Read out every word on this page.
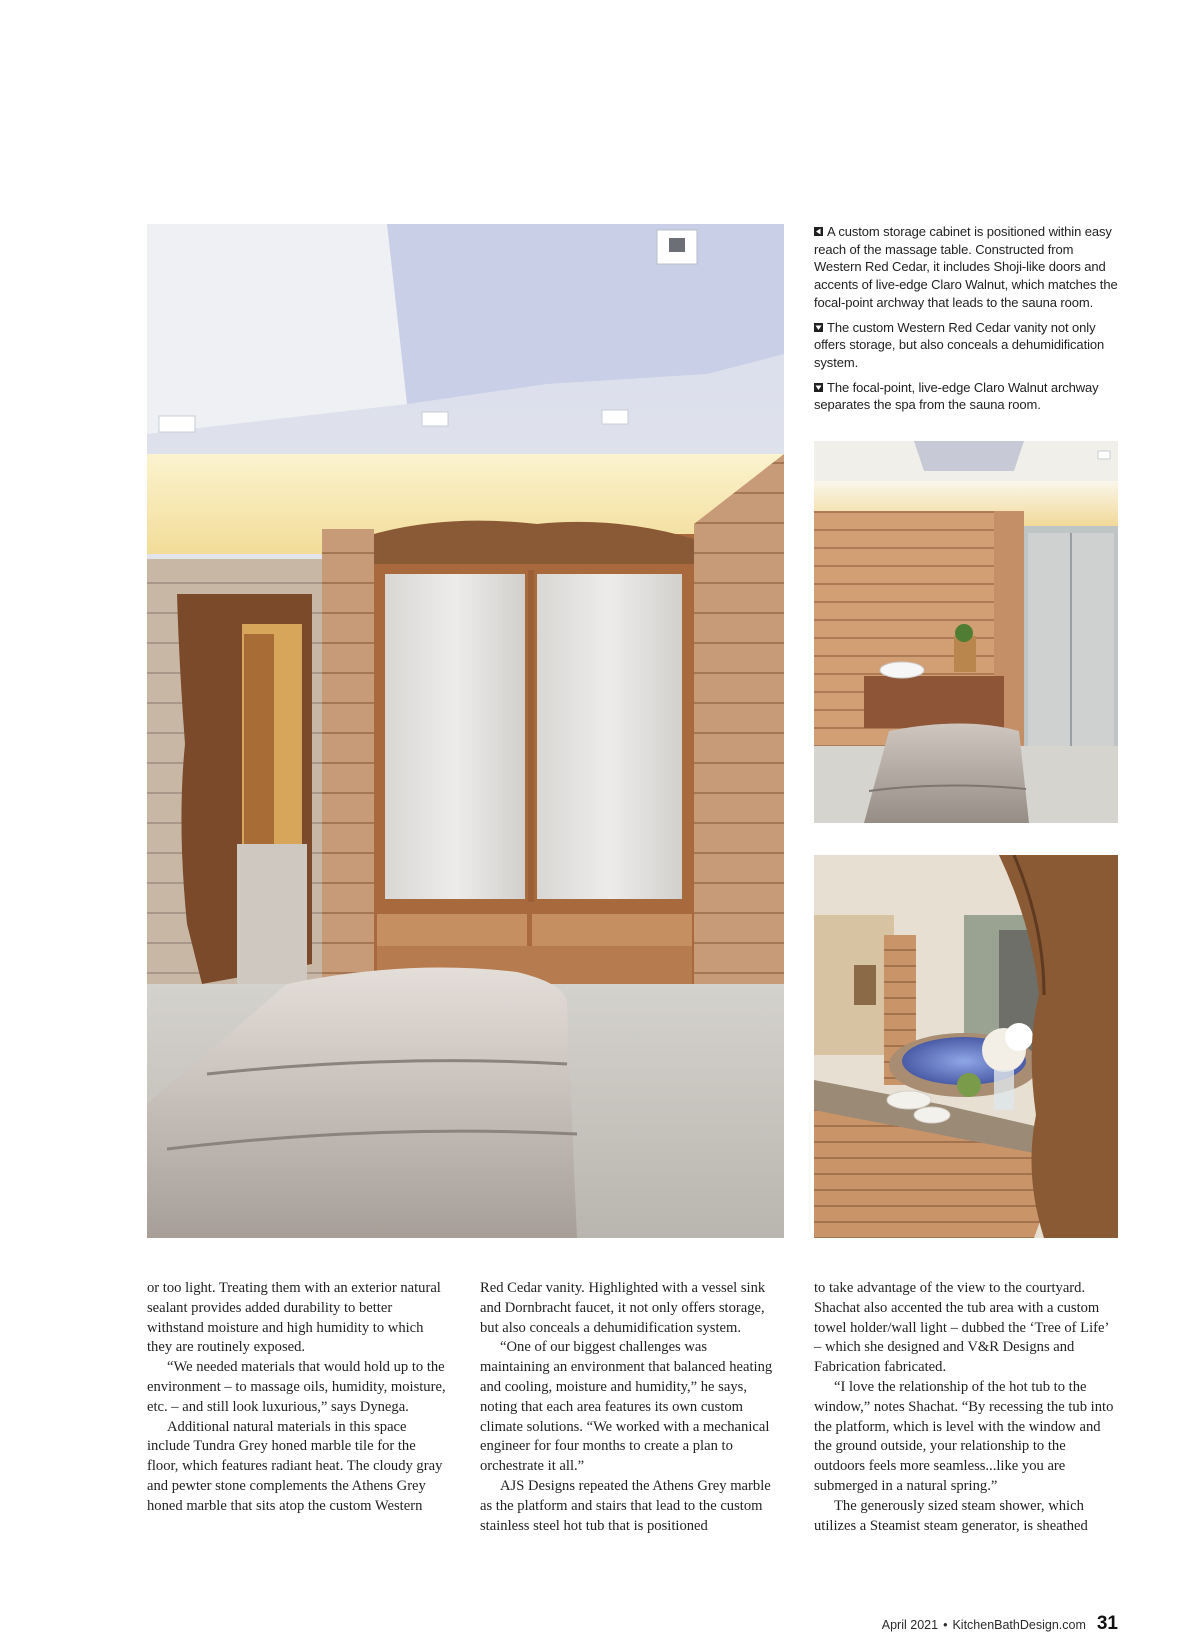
A custom storage cabinet is positioned within easy reach of the massage table. Constructed from Western Red Cedar, it includes Shoji-like doors and accents of live-edge Claro Walnut, which matches the focal-point archway that leads to the sauna room.

The custom Western Red Cedar vanity not only offers storage, but also conceals a dehumidification system.

The focal-point, live-edge Claro Walnut archway separates the spa from the sauna room.

or too light. Treating them with an exterior natural sealant provides added durability to better withstand moisture and high humidity to which they are routinely exposed.

“We needed materials that would hold up to the environment – to massage oils, humidity, moisture, etc. – and still look luxurious,” says Dynega.

Additional natural materials in this space include Tundra Grey honed marble tile for the floor, which features radiant heat. The cloudy gray and pewter stone complements the Athens Grey honed marble that sits atop the custom Western

Red Cedar vanity. Highlighted with a vessel sink and Dornbracht faucet, it not only offers storage, but also conceals a dehumidification system.

“One of our biggest challenges was maintaining an environment that balanced heating and cooling, moisture and humidity,” he says, noting that each area features its own custom climate solutions. “We worked with a mechanical engineer for four months to create a plan to orchestrate it all.”

AJS Designs repeated the Athens Grey marble as the platform and stairs that lead to the custom stainless steel hot tub that is positioned

to take advantage of the view to the courtyard. Shachat also accented the tub area with a custom towel holder/wall light – dubbed the ‘Tree of Life’ – which she designed and V&R Designs and Fabrication fabricated.

“I love the relationship of the hot tub to the window,” notes Shachat. “By recessing the tub into the platform, which is level with the window and the ground outside, your relationship to the outdoors feels more seamless...like you are submerged in a natural spring.”

The generously sized steam shower, which utilizes a Steamist steam generator, is sheathed

April 2021 • KitchenBathDesign.com 31
